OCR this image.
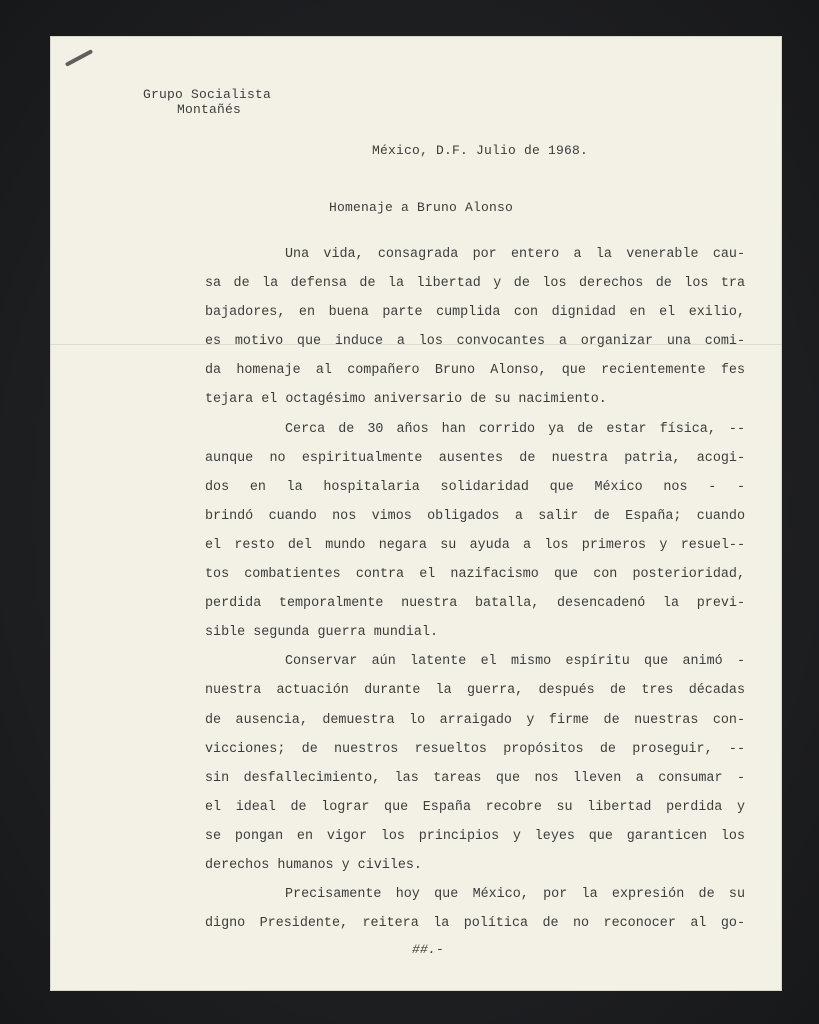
Grupo Socialista
Montañés
México, D.F. Julio de 1968.
Homenaje a Bruno Alonso
Una vida, consagrada por entero a la venerable cau-
sa de la defensa de la libertad y de los derechos de los tra
bajadores, en buena parte cumplida con dignidad en el exilio,
es motivo que induce a los convocantes a organizar una comi-
da homenaje al compañero Bruno Alonso, que recientemente fes
tejara el octagésimo aniversario de su nacimiento.
Cerca de 30 años han corrido ya de estar física, --
aunque no espiritualmente ausentes de nuestra patria, acogi-
dos en la hospitalaria solidaridad que México nos - -
brindó cuando nos vimos obligados a salir de España; cuando
el resto del mundo negara su ayuda a los primeros y resuel--
tos combatientes contra el nazifacismo que con posterioridad,
perdida temporalmente nuestra batalla, desencadenó la previ-
sible segunda guerra mundial.
Conservar aún latente el mismo espíritu que animó -
nuestra actuación durante la guerra, después de tres décadas
de ausencia, demuestra lo arraigado y firme de nuestras con-
vicciones; de nuestros resueltos propósitos de proseguir, --
sin desfallecimiento, las tareas que nos lleven a consumar -
el ideal de lograr que España recobre su libertad perdida y
se pongan en vigor los principios y leyes que garanticen los
derechos humanos y civiles.
Precisamente hoy que México, por la expresión de su
digno Presidente, reitera la política de no reconocer al go-
##.-
